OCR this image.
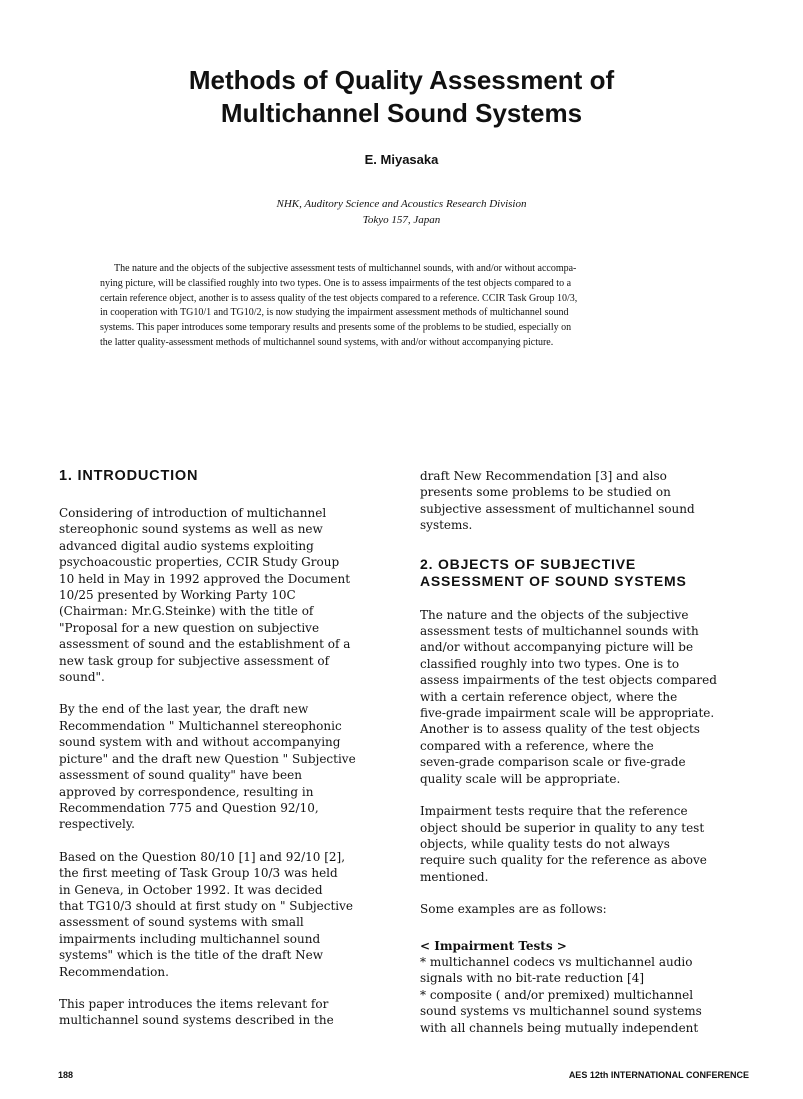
Methods of Quality Assessment of
Multichannel Sound Systems
E. Miyasaka
NHK, Auditory Science and Acoustics Research Division
Tokyo 157, Japan

The nature and the objects of the subjective assessment tests of multichannel sounds, with and/or without accompa-
nying picture, will be classified roughly into two types. One is to assess impairments of the test objects compared to a
certain reference object, another is to assess quality of the test objects compared to a reference. CCIR Task Group 10/3,
in cooperation with TG10/1 and TG10/2, is now studying the impairment assessment methods of multichannel sound
systems. This paper introduces some temporary results and presents some of the problems to be studied, especially on
the latter quality-assessment methods of multichannel sound systems, with and/or without accompanying picture.

1. INTRODUCTION
Considering of introduction of multichannel
stereophonic sound systems as well as new
advanced digital audio systems exploiting
psychoacoustic properties, CCIR Study Group
10 held in May in 1992 approved the Document
10/25 presented by Working Party 10C
(Chairman: Mr.G.Steinke) with the title of
"Proposal for a new question on subjective
assessment of sound and the establishment of a
new task group for subjective assessment of
sound".
By the end of the last year, the draft new
Recommendation " Multichannel stereophonic
sound system with and without accompanying
picture" and the draft new Question " Subjective
assessment of sound quality" have been
approved by correspondence, resulting in
Recommendation 775 and Question 92/10,
respectively.
Based on the Question 80/10 [1] and 92/10 [2],
the first meeting of Task Group 10/3 was held
in Geneva, in October 1992. It was decided
that TG10/3 should at first study on " Subjective
assessment of sound systems with small
impairments including multichannel sound
systems" which is the title of the draft New
Recommendation.
This paper introduces the items relevant for
multichannel sound systems described in the
draft New Recommendation [3] and also
presents some problems to be studied on
subjective assessment of multichannel sound
systems.
2. OBJECTS OF SUBJECTIVE
ASSESSMENT OF SOUND SYSTEMS
The nature and the objects of the subjective
assessment tests of multichannel sounds with
and/or without accompanying picture will be
classified roughly into two types. One is to
assess impairments of the test objects compared
with a certain reference object, where the
five-grade impairment scale will be appropriate.
Another is to assess quality of the test objects
compared with a reference, where the
seven-grade comparison scale or five-grade
quality scale will be appropriate.
Impairment tests require that the reference
object should be superior in quality to any test
objects, while quality tests do not always
require such quality for the reference as above
mentioned.
Some examples are as follows:
< Impairment Tests >
* multichannel codecs vs multichannel audio
signals with no bit-rate reduction [4]
* composite ( and/or premixed) multichannel
sound systems vs multichannel sound systems
with all channels being mutually independent
188	AES 12th INTERNATIONAL CONFERENCE
